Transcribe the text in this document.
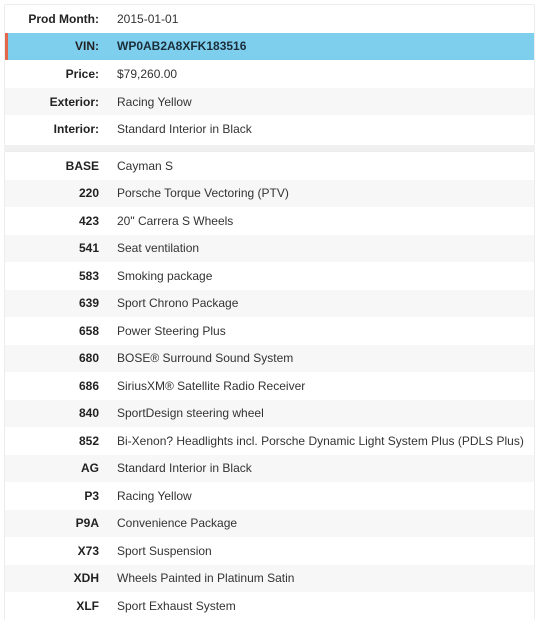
Prod Month:	2015-01-01
VIN:	WP0AB2A8XFK183516
Price:	$79,260.00
Exterior:	Racing Yellow
Interior:	Standard Interior in Black
BASE	Cayman S
220	Porsche Torque Vectoring (PTV)
423	20" Carrera S Wheels
541	Seat ventilation
583	Smoking package
639	Sport Chrono Package
658	Power Steering Plus
680	BOSE® Surround Sound System
686	SiriusXM® Satellite Radio Receiver
840	SportDesign steering wheel
852	Bi-Xenon? Headlights incl. Porsche Dynamic Light System Plus (PDLS Plus)
AG	Standard Interior in Black
P3	Racing Yellow
P9A	Convenience Package
X73	Sport Suspension
XDH	Wheels Painted in Platinum Satin
XLF	Sport Exhaust System
